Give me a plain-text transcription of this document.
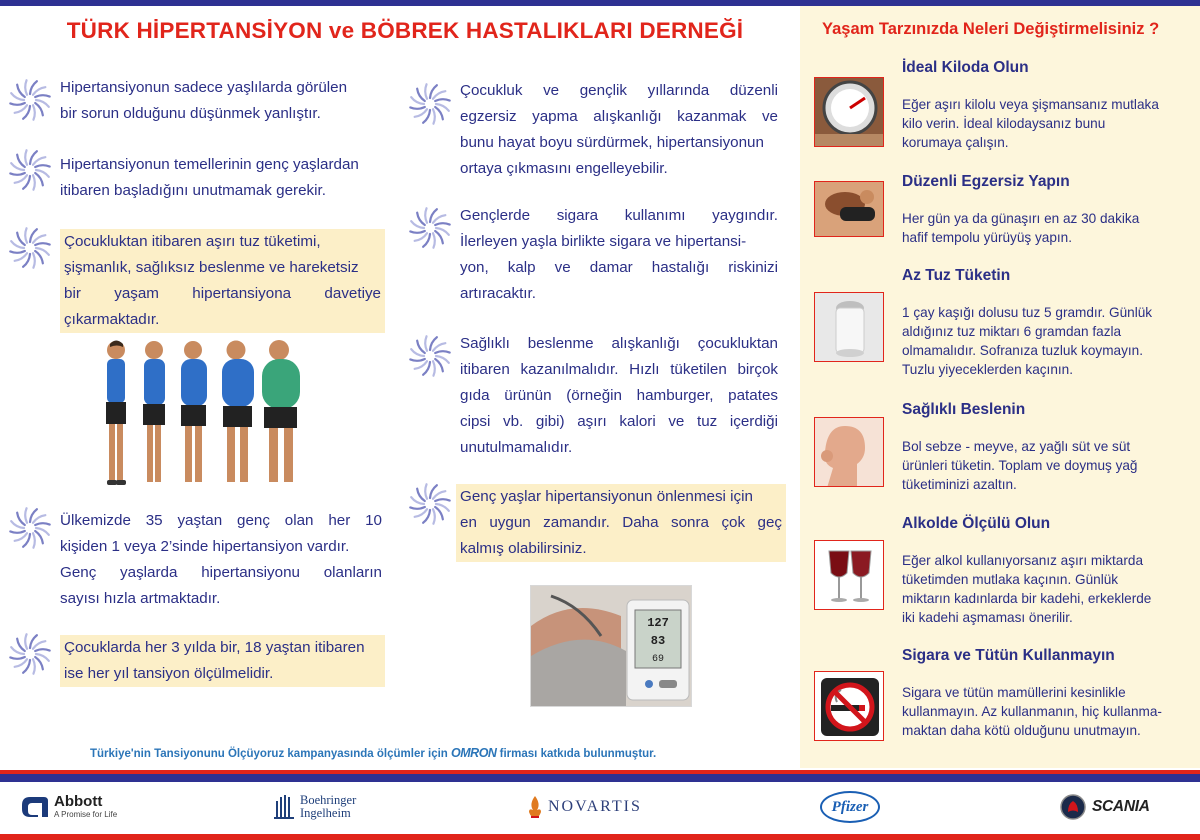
TÜRK HİPERTANSİYON ve BÖBREK HASTALIKLARI DERNEĞİ
Hipertansiyonun sadece yaşlılarda görülen
bir sorun olduğunu düşünmek yanlıştır.
Hipertansiyonun temellerinin genç yaşlardan
itibaren başladığını unutmamak gerekir.
Çocukluktan itibaren aşırı tuz tüketimi,
şişmanlık, sağlıksız beslenme ve hareketsiz
bir yaşam hipertansiyona davetiye
çıkarmaktadır.
Ülkemizde 35 yaştan genç olan her 10
kişiden 1 veya 2’sinde hipertansiyon vardır.
Genç yaşlarda hipertansiyonu olanların
sayısı hızla artmaktadır.
Çocuklarda her 3 yılda bir, 18 yaştan itibaren
ise her yıl tansiyon ölçülmelidir.
Çocukluk ve gençlik yıllarında düzenli
egzersiz yapma alışkanlığı kazanmak ve
bunu hayat boyu sürdürmek, hipertansiyonun
ortaya çıkmasını engelleyebilir.
Gençlerde sigara kullanımı yaygındır.
İlerleyen yaşla birlikte sigara ve hipertansi-
yon, kalp ve damar hastalığı riskinizi
artıracaktır.
Sağlıklı beslenme alışkanlığı çocukluktan
itibaren kazanılmalıdır. Hızlı tüketilen birçok
gıda ürünün (örneğin hamburger, patates
cipsi vb. gibi) aşırı kalori ve tuz içerdiği
unutulmamalıdır.
Genç yaşlar hipertansiyonun önlenmesi için
en uygun zamandır. Daha sonra çok geç
kalmış olabilirsiniz.
127
83
69
Türkiye'nin Tansiyonunu Ölçüyoruz kampanyasında ölçümler için OMRON firması katkıda bulunmuştur.
Yaşam Tarzınızda Neleri Değiştirmelisiniz ?
İdeal Kiloda Olun
Eğer aşırı kilolu veya şişmansanız mutlaka
kilo verin. İdeal kilodaysanız bunu
korumaya çalışın.
Düzenli Egzersiz Yapın
Her gün ya da günaşırı en az 30 dakika
hafif tempolu yürüyüş yapın.
Az Tuz Tüketin
1 çay kaşığı dolusu tuz 5 gramdır. Günlük
aldığınız tuz miktarı 6 gramdan fazla
olmamalıdır. Sofranıza tuzluk koymayın.
Tuzlu yiyeceklerden kaçının.
Sağlıklı Beslenin
Bol sebze - meyve, az yağlı süt ve süt
ürünleri tüketin. Toplam ve doymuş yağ
tüketiminizi azaltın.
Alkolde Ölçülü Olun
Eğer alkol kullanıyorsanız aşırı miktarda
tüketimden mutlaka kaçının. Günlük
miktarın kadınlarda bir kadehi, erkeklerde
iki kadehi aşmaması önerilir.
Sigara ve Tütün Kullanmayın
Sigara ve tütün mamüllerini kesinlikle
kullanmayın. Az kullanmanın, hiç kullanma-
maktan daha kötü olduğunu unutmayın.
Abbott
A Promise for Life
Boehringer
Ingelheim	NOVARTIS	Pfizer	SCANIA
